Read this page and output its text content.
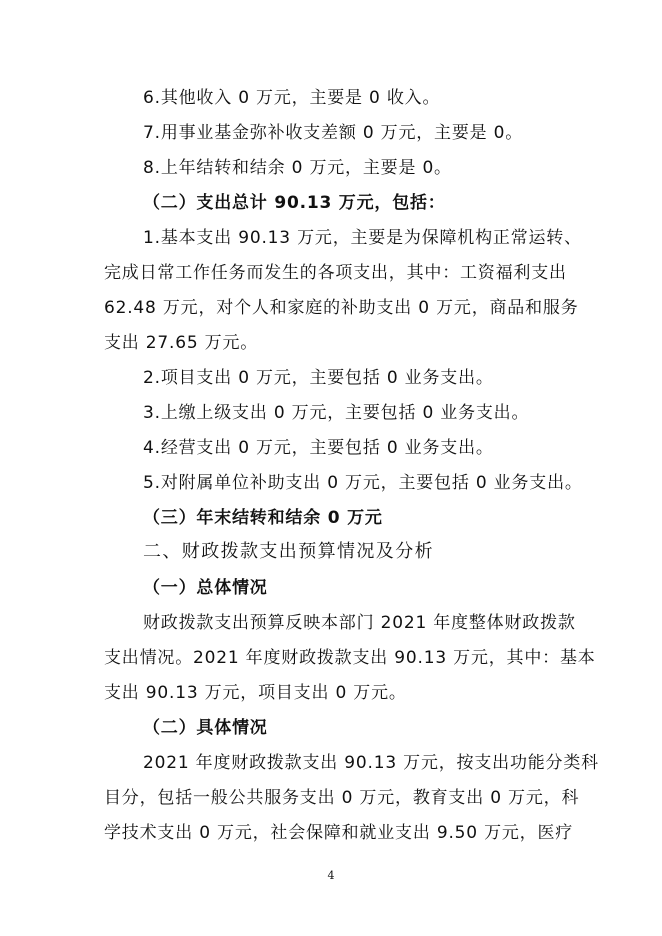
6.其他收入 0 万元，主要是 0 收入。

7.用事业基金弥补收支差额 0 万元，主要是 0。

8.上年结转和结余 0 万元，主要是 0。

（二）支出总计 90.13 万元，包括：

1.基本支出 90.13 万元，主要是为保障机构正常运转、

完成日常工作任务而发生的各项支出，其中：工资福利支出

62.48 万元，对个人和家庭的补助支出 0 万元，商品和服务

支出 27.65 万元。

2.项目支出 0 万元，主要包括 0 业务支出。

3.上缴上级支出 0 万元，主要包括 0 业务支出。

4.经营支出 0 万元，主要包括 0 业务支出。

5.对附属单位补助支出 0 万元，主要包括 0 业务支出。

（三）年末结转和结余 0 万元

二、财政拨款支出预算情况及分析

（一）总体情况

财政拨款支出预算反映本部门 2021 年度整体财政拨款

支出情况。2021 年度财政拨款支出 90.13 万元，其中：基本

支出 90.13 万元，项目支出 0 万元。

（二）具体情况

2021 年度财政拨款支出 90.13 万元，按支出功能分类科

目分，包括一般公共服务支出 0 万元，教育支出 0 万元，科

学技术支出 0 万元，社会保障和就业支出 9.50 万元，医疗

4
